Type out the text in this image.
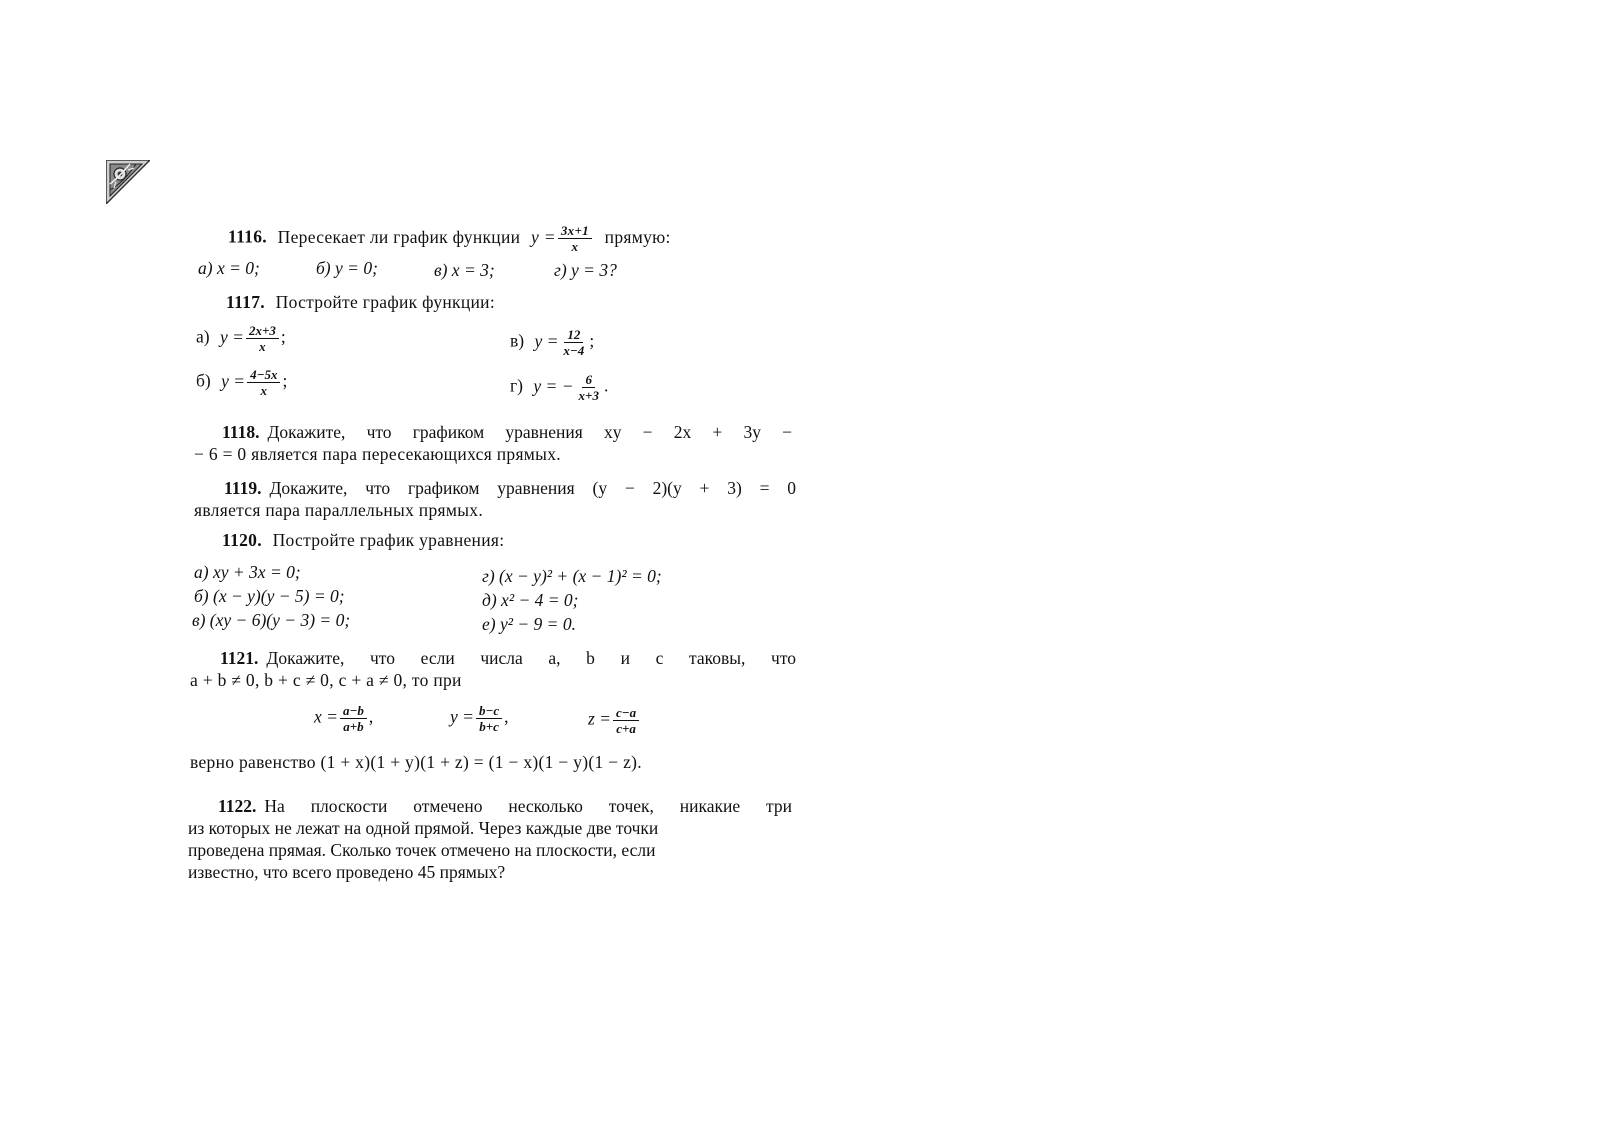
1116. Пересекает ли график функции $y = \frac{3x+1}{x}$ прямую:
а) x = 0;	б) y = 0;	в) x = 3;	г) y = 3?
1117. Постройте график функции:
а) $y = \frac{2x+3}{x}$ ;	в) $y = \frac{12}{x-4}$ ;
б) $y = \frac{4-5x}{x}$ ;	г) y = − $\frac{6}{x+3}$ .
1118. Докажите, что графиком уравнения xy − 2x + 3y −
− 6 = 0 является пара пересекающихся прямых.
1119. Докажите, что графиком уравнения (y − 2)(y + 3) = 0
является пара параллельных прямых.
1120. Постройте график уравнения:
а) xy + 3x = 0;
б) (x − y)(y − 5) = 0;
в) (xy − 6)(y − 3) = 0;
г) (x − y)² + (x − 1)² = 0;
д) x² − 4 = 0;
е) y² − 9 = 0.
1121. Докажите, что если числа a, b и c таковы, что
a + b ≠ 0, b + c ≠ 0, c + a ≠ 0, то при
$x = \frac{a-b}{a+b}$ ,	$y = \frac{b-c}{b+c}$ ,	$z = \frac{c-a}{c+a}$
верно равенство (1 + x)(1 + y)(1 + z) = (1 − x)(1 − y)(1 − z).
1122. На плоскости отмечено несколько точек, никакие три
из которых не лежат на одной прямой. Через каждые две точки
проведена прямая. Сколько точек отмечено на плоскости, если
известно, что всего проведено 45 прямых?
